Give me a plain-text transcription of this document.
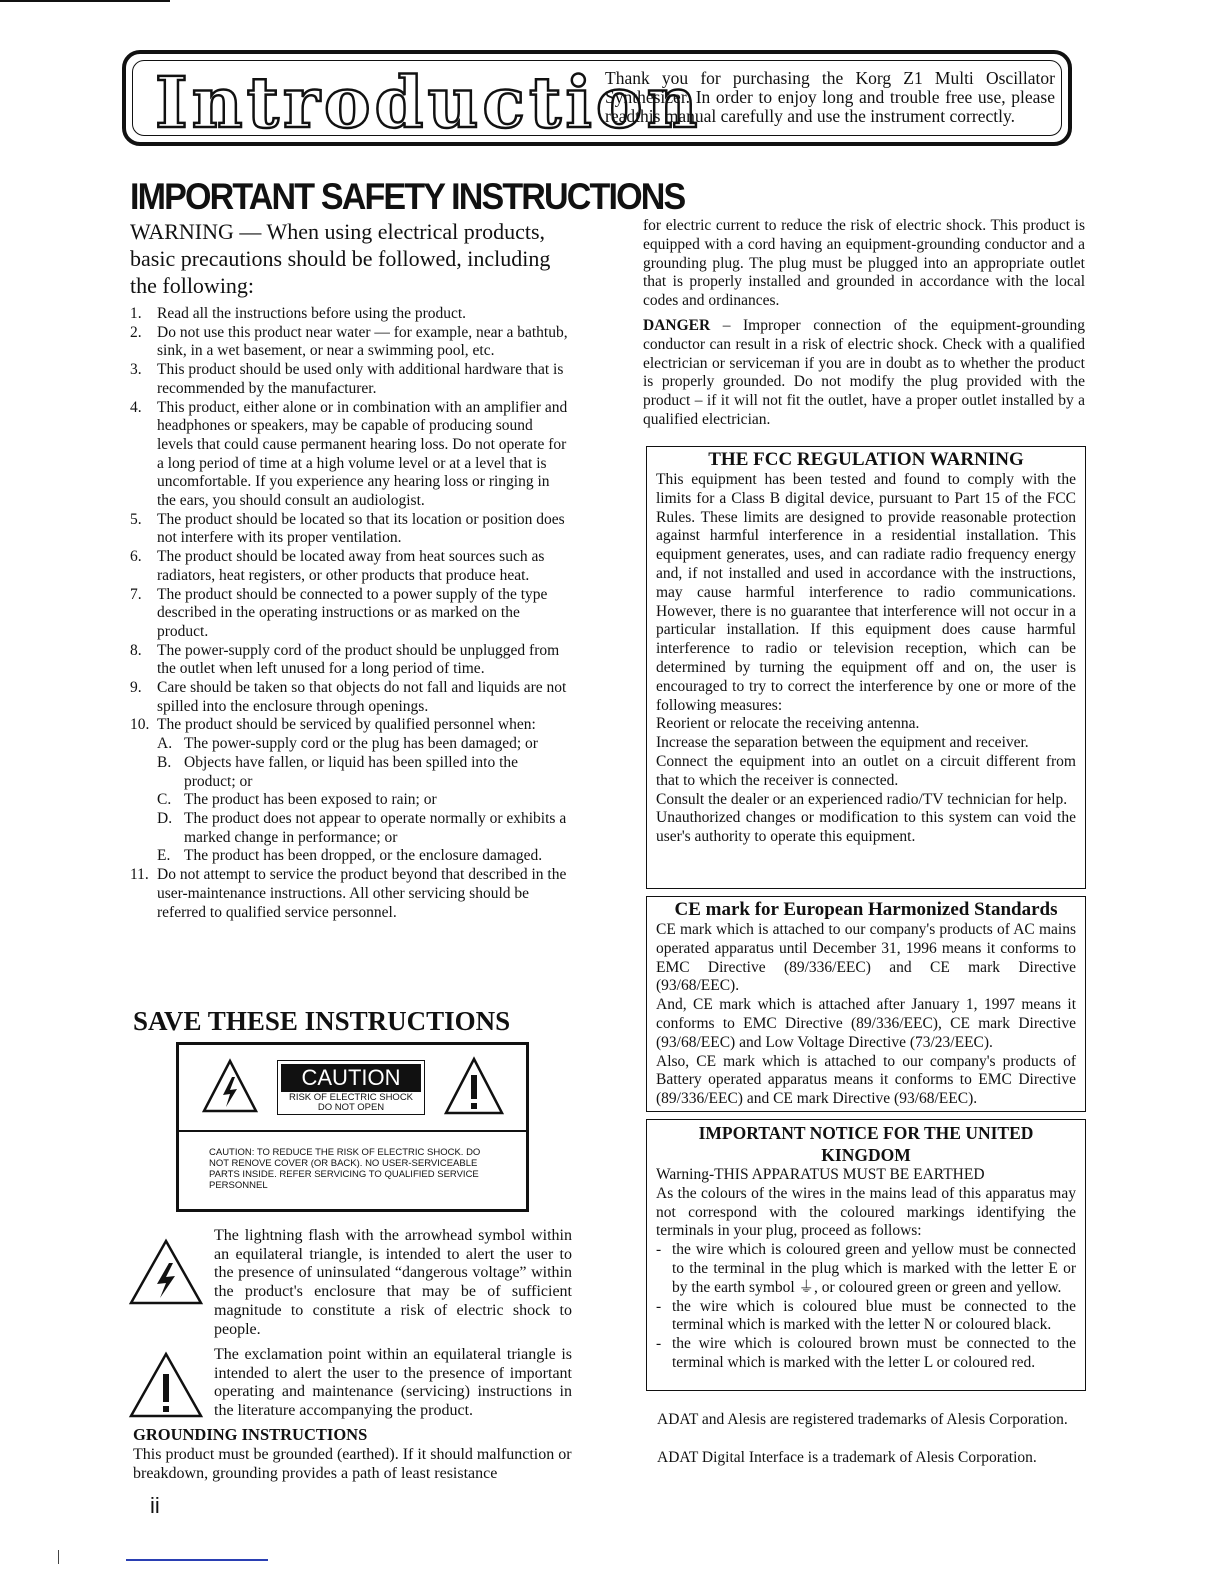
Introduction
Thank you for purchasing the Korg Z1 Multi Oscillator Synthesizer. In order to enjoy long and trouble free use, please readthis manual carefully and use the instrument correctly.
IMPORTANT SAFETY INSTRUCTIONS
WARNING — When using electrical products, basic precautions should be followed, including the following:
1. Read all the instructions before using the product.
2. Do not use this product near water — for example, near a bathtub, sink, in a wet basement, or near a swimming pool, etc.
3. This product should be used only with additional hardware that is recommended by the manufacturer.
4. This product, either alone or in combination with an amplifier and headphones or speakers, may be capable of producing sound levels that could cause permanent hearing loss. Do not operate for a long period of time at a high volume level or at a level that is uncomfortable. If you experience any hearing loss or ringing in the ears, you should consult an audiologist.
5. The product should be located so that its location or position does not interfere with its proper ventilation.
6. The product should be located away from heat sources such as radiators, heat registers, or other products that produce heat.
7. The product should be connected to a power supply of the type described in the operating instructions or as marked on the product.
8. The power-supply cord of the product should be unplugged from the outlet when left unused for a long period of time.
9. Care should be taken so that objects do not fall and liquids are not spilled into the enclosure through openings.
10. The product should be serviced by qualified personnel when:
A. The power-supply cord or the plug has been damaged; or
B. Objects have fallen, or liquid has been spilled into the product; or
C. The product has been exposed to rain; or
D. The product does not appear to operate normally or exhibits a marked change in performance; or
E. The product has been dropped, or the enclosure damaged.
11. Do not attempt to service the product beyond that described in the user-maintenance instructions. All other servicing should be referred to qualified service personnel.
SAVE THESE INSTRUCTIONS
CAUTION
RISK OF ELECTRIC SHOCK
DO NOT OPEN
CAUTION: TO REDUCE THE RISK OF ELECTRIC SHOCK. DO NOT RENOVE COVER (OR BACK). NO USER-SERVICEABLE PARTS INSIDE. REFER SERVICING TO QUALIFIED SERVICE PERSONNEL
The lightning flash with the arrowhead symbol within an equilateral triangle, is intended to alert the user to the presence of uninsulated “dangerous voltage” within the product's enclosure that may be of sufficient magnitude to constitute a risk of electric shock to people.
The exclamation point within an equilateral triangle is intended to alert the user to the presence of important operating and maintenance (servicing) instructions in the literature accompanying the product.
GROUNDING INSTRUCTIONS
This product must be grounded (earthed). If it should malfunction or breakdown, grounding provides a path of least resistance
ii
for electric current to reduce the risk of electric shock. This product is equipped with a cord having an equipment-grounding conductor and a grounding plug. The plug must be plugged into an appropriate outlet that is properly installed and grounded in accordance with the local codes and ordinances.
DANGER – Improper connection of the equipment-grounding conductor can result in a risk of electric shock. Check with a qualified electrician or serviceman if you are in doubt as to whether the product is properly grounded. Do not modify the plug provided with the product – if it will not fit the outlet, have a proper outlet installed by a qualified electrician.
THE FCC REGULATION WARNING
This equipment has been tested and found to comply with the limits for a Class B digital device, pursuant to Part 15 of the FCC Rules. These limits are designed to provide reasonable protection against harmful interference in a residential installation. This equipment generates, uses, and can radiate radio frequency energy and, if not installed and used in accordance with the instructions, may cause harmful interference to radio communications. However, there is no guarantee that interference will not occur in a particular installation. If this equipment does cause harmful interference to radio or television reception, which can be determined by turning the equipment off and on, the user is encouraged to try to correct the interference by one or more of the following measures:
Reorient or relocate the receiving antenna.
Increase the separation between the equipment and receiver.
Connect the equipment into an outlet on a circuit different from that to which the receiver is connected.
Consult the dealer or an experienced radio/TV technician for help.
Unauthorized changes or modification to this system can void the user's authority to operate this equipment.
CE mark for European Harmonized Standards
CE mark which is attached to our company's products of AC mains operated apparatus until December 31, 1996 means it conforms to EMC Directive (89/336/EEC) and CE mark Directive (93/68/EEC).
And, CE mark which is attached after January 1, 1997 means it conforms to EMC Directive (89/336/EEC), CE mark Directive (93/68/EEC) and Low Voltage Directive (73/23/EEC).
Also, CE mark which is attached to our company's products of Battery operated apparatus means it conforms to EMC Directive (89/336/EEC) and CE mark Directive (93/68/EEC).
IMPORTANT NOTICE FOR THE UNITED KINGDOM
Warning-THIS APPARATUS MUST BE EARTHED
As the colours of the wires in the mains lead of this apparatus may not correspond with the coloured markings identifying the terminals in your plug, proceed as follows:
- the wire which is coloured green and yellow must be connected to the terminal in the plug which is marked with the letter E or by the earth symbol ⏚, or coloured green or green and yellow.
- the wire which is coloured blue must be connected to the terminal which is marked with the letter N or coloured black.
- the wire which is coloured brown must be connected to the terminal which is marked with the letter L or coloured red.
ADAT and Alesis are registered trademarks of Alesis Corporation.
ADAT Digital Interface is a trademark of Alesis Corporation.
